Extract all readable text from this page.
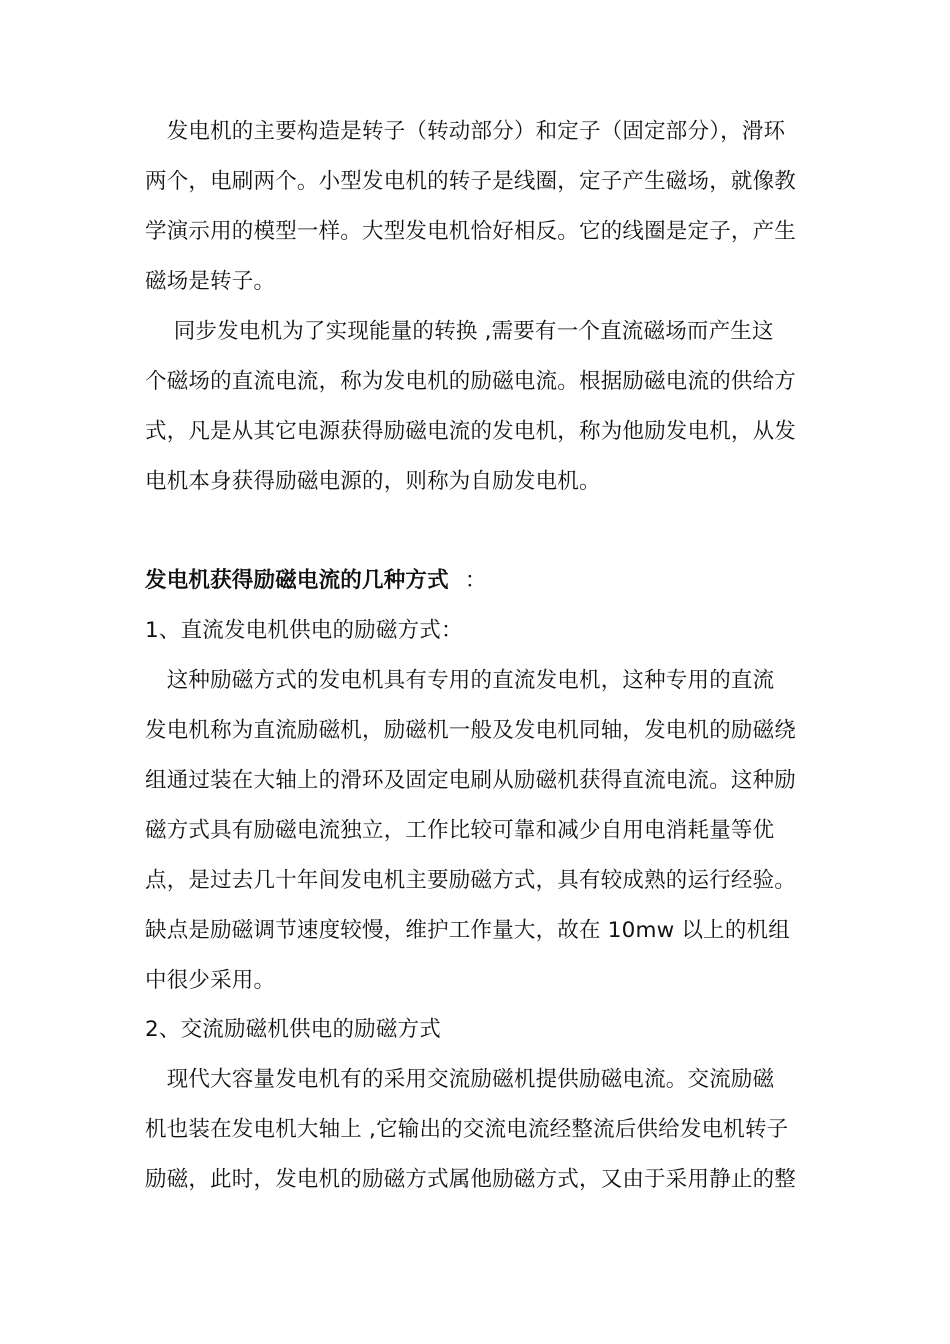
　发电机的主要构造是转子（转动部分）和定子（固定部分），滑环
两个，电刷两个。小型发电机的转子是线圈，定子产生磁场，就像教
学演示用的模型一样。大型发电机恰好相反。它的线圈是定子，产生
磁场是转子。
　 同步发电机为了实现能量的转换 ,需要有一个直流磁场而产生这
个磁场的直流电流，称为发电机的励磁电流。根据励磁电流的供给方
式，凡是从其它电源获得励磁电流的发电机，称为他励发电机，从发
电机本身获得励磁电源的，则称为自励发电机。
发电机获得励磁电流的几种方式 ：
1、直流发电机供电的励磁方式：
　这种励磁方式的发电机具有专用的直流发电机，这种专用的直流
发电机称为直流励磁机，励磁机一般及发电机同轴，发电机的励磁绕
组通过装在大轴上的滑环及固定电刷从励磁机获得直流电流。这种励
磁方式具有励磁电流独立，工作比较可靠和减少自用电消耗量等优
点，是过去几十年间发电机主要励磁方式，具有较成熟的运行经验。
缺点是励磁调节速度较慢，维护工作量大，故在 10mw 以上的机组
中很少采用。
2、交流励磁机供电的励磁方式
　现代大容量发电机有的采用交流励磁机提供励磁电流。交流励磁
机也装在发电机大轴上 ,它输出的交流电流经整流后供给发电机转子
励磁，此时，发电机的励磁方式属他励磁方式，又由于采用静止的整
